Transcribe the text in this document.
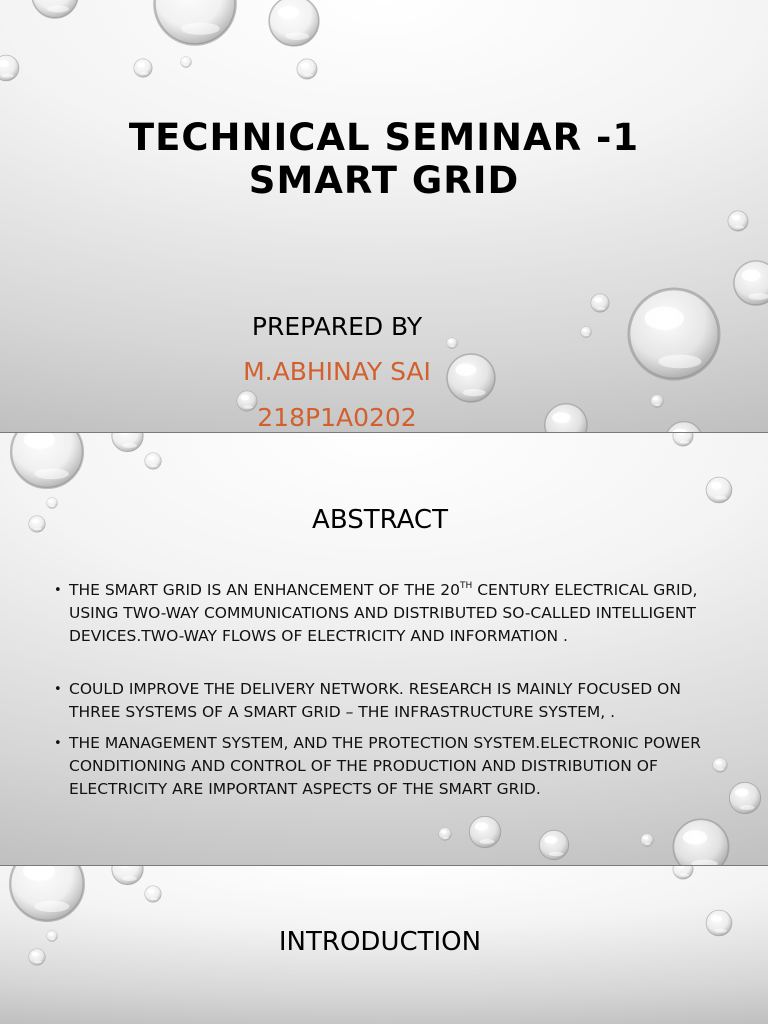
TECHNICAL SEMINAR -1
SMART GRID
PREPARED BY
M.ABHINAY SAI
218P1A0202
ABSTRACT
• THE SMART GRID IS AN ENHANCEMENT OF THE 20TH CENTURY ELECTRICAL GRID, USING TWO-WAY COMMUNICATIONS AND DISTRIBUTED SO-CALLED INTELLIGENT DEVICES.TWO-WAY FLOWS OF ELECTRICITY AND INFORMATION .
• COULD IMPROVE THE DELIVERY NETWORK. RESEARCH IS MAINLY FOCUSED ON THREE SYSTEMS OF A SMART GRID – THE INFRASTRUCTURE SYSTEM, .
• THE MANAGEMENT SYSTEM, AND THE PROTECTION SYSTEM.ELECTRONIC POWER CONDITIONING AND CONTROL OF THE PRODUCTION AND DISTRIBUTION OF ELECTRICITY ARE IMPORTANT ASPECTS OF THE SMART GRID.
INTRODUCTION
